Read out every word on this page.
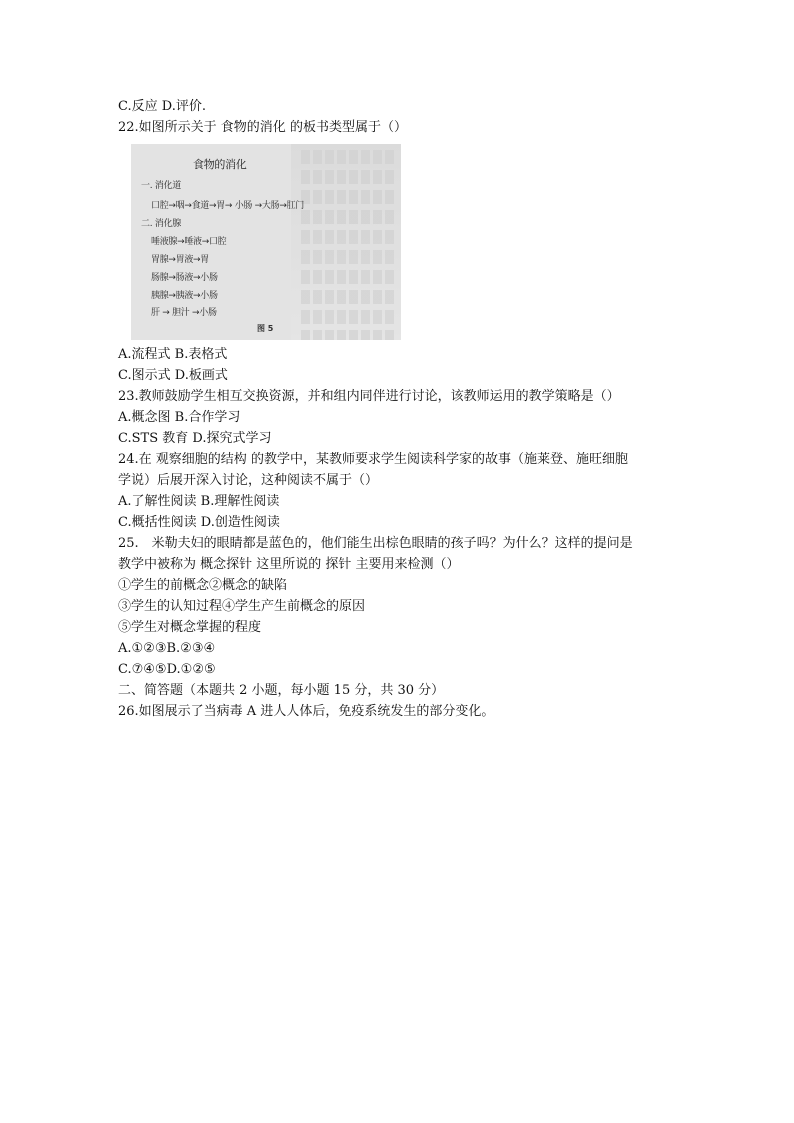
C.反应 D.评价.
22.如图所示关于 食物的消化 的板书类型属于（）
食物的消化
一. 消化道
口腔→咽→食道→胃→ 小肠 →大肠→肛门
二. 消化腺
唾液腺→唾液→口腔
胃腺→胃液→胃
肠腺→肠液→小肠
胰腺→胰液→小肠
肝 → 胆汁 →小肠
图 5
A.流程式 B.表格式
C.图示式 D.板画式
23.教师鼓励学生相互交换资源，并和组内同伴进行讨论，该教师运用的教学策略是（）
A.概念图 B.合作学习
C.STS 教育 D.探究式学习
24.在 观察细胞的结构 的教学中，某教师要求学生阅读科学家的故事（施莱登、施旺细胞
学说）后展开深入讨论，这种阅读不属于（）
A.了解性阅读 B.理解性阅读
C.概括性阅读 D.创造性阅读
25.　米勒夫妇的眼睛都是蓝色的，他们能生出棕色眼睛的孩子吗？为什么？这样的提问是
教学中被称为 概念探针 这里所说的 探针 主要用来检测（）
①学生的前概念②概念的缺陷
③学生的认知过程④学生产生前概念的原因
⑤学生对概念掌握的程度
A.①②③B.②③④
C.⑦④⑤D.①②⑤
二、简答题（本题共 2 小题，每小题 15 分，共 30 分）
26.如图展示了当病毒 A 进人人体后，免疫系统发生的部分变化。
